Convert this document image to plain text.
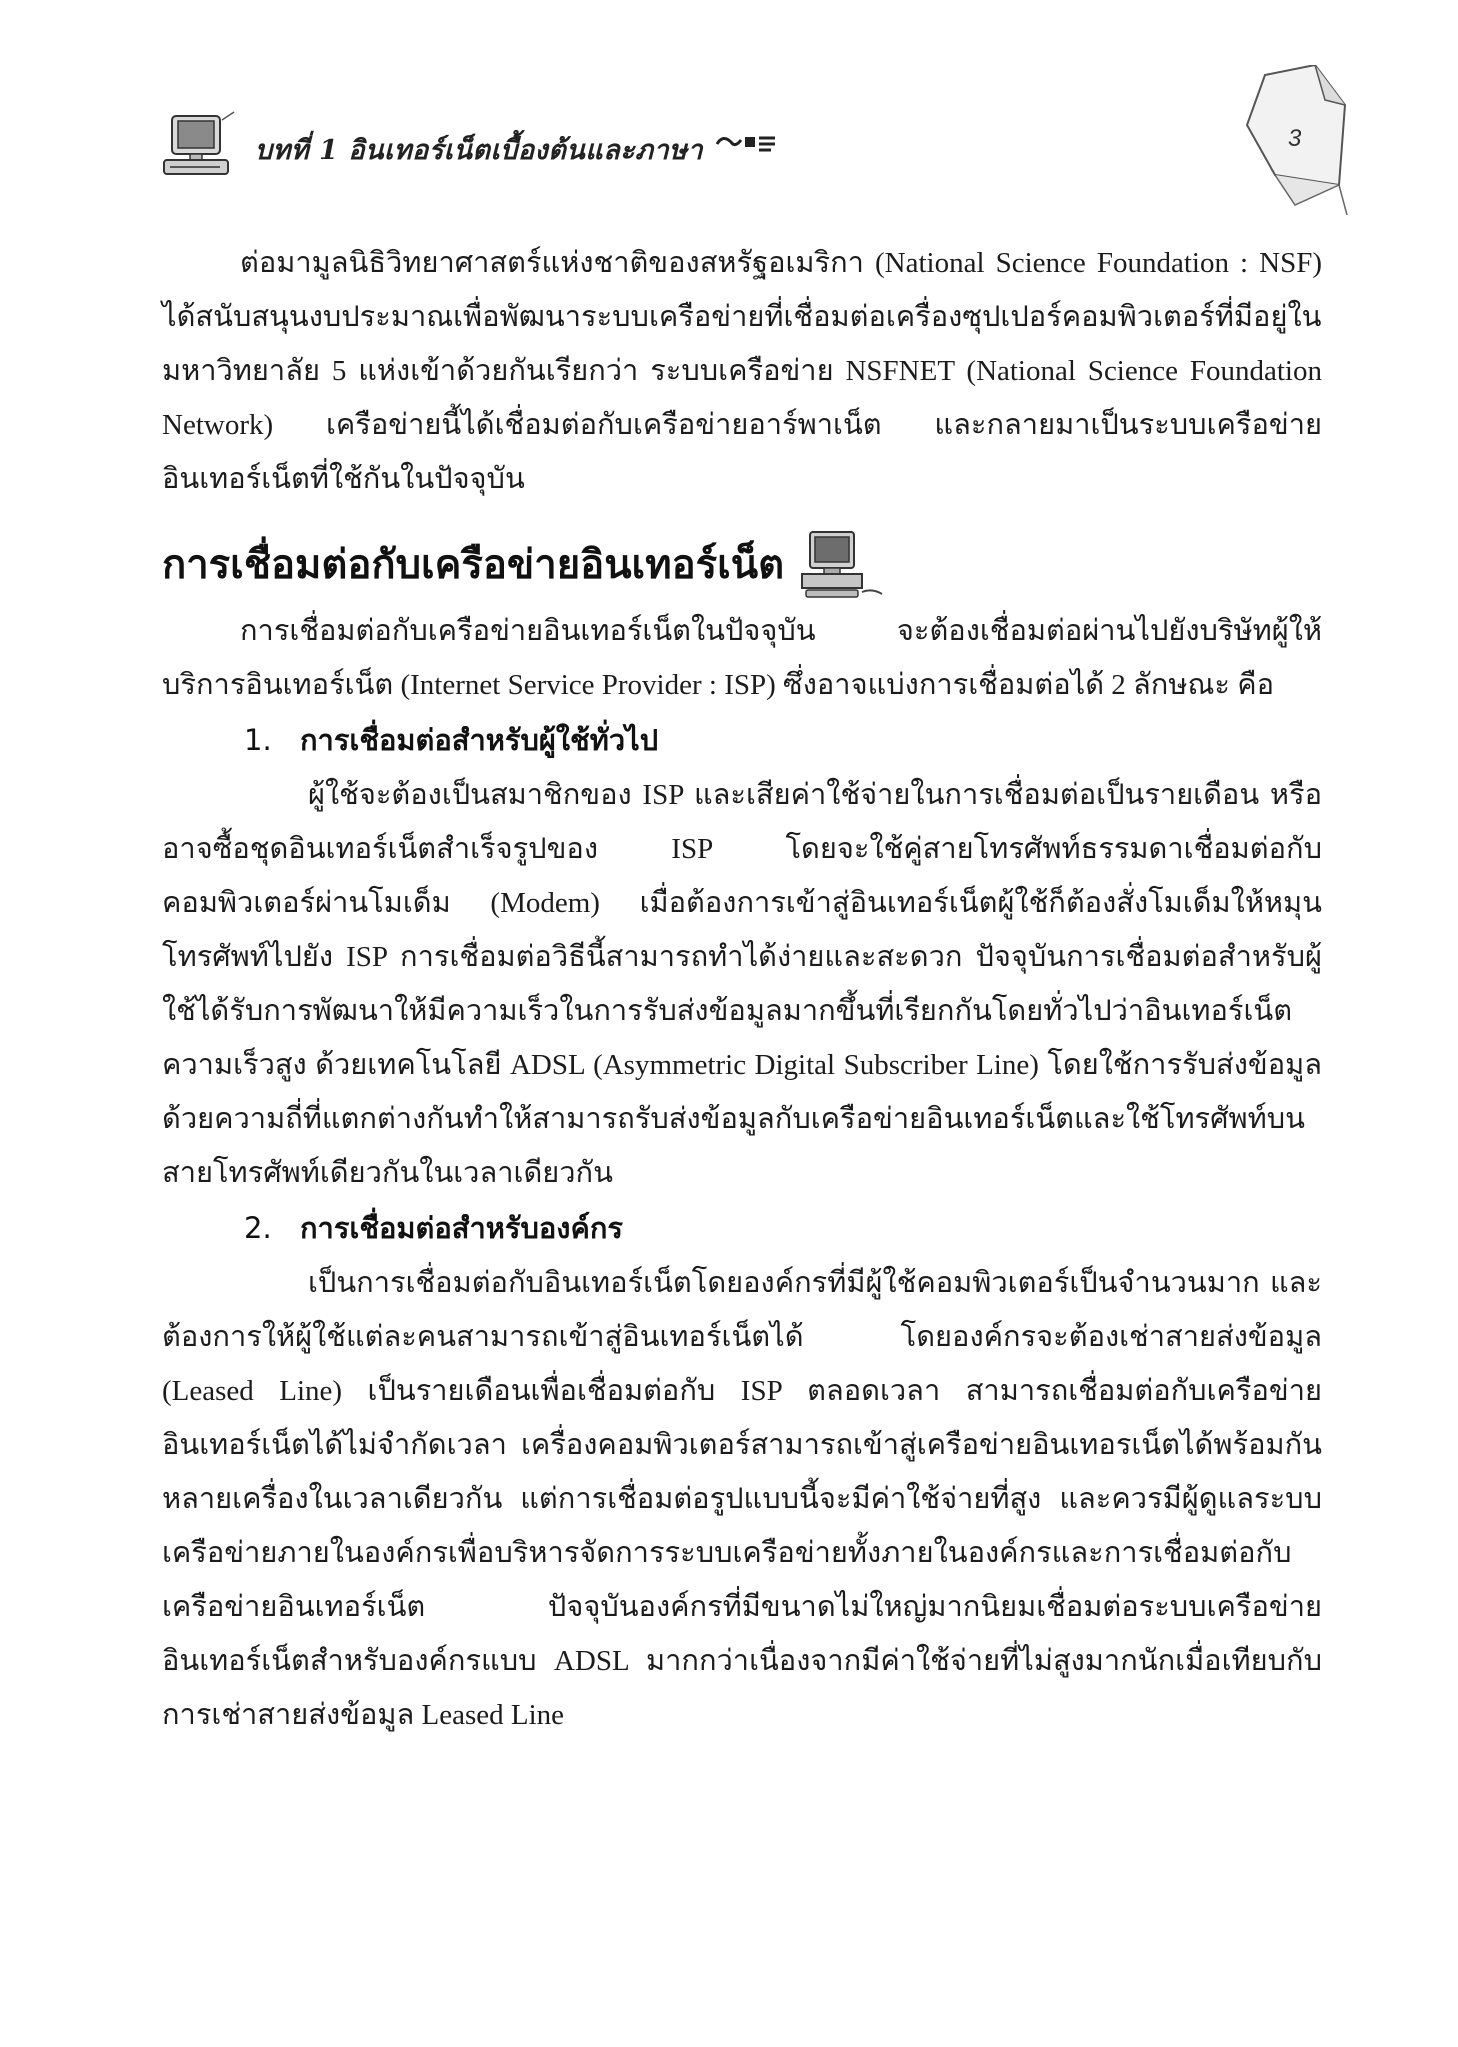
บทที่ 1 อินเทอร์เน็ตเบื้องต้นและภาษา	3

ต่อมามูลนิธิวิทยาศาสตร์แห่งชาติของสหรัฐอเมริกา (National Science Foundation : NSF) ได้สนับสนุนงบประมาณเพื่อพัฒนาระบบเครือข่ายที่เชื่อมต่อเครื่องซุปเปอร์คอมพิวเตอร์ที่มีอยู่ในมหาวิทยาลัย 5 แห่งเข้าด้วยกันเรียกว่า ระบบเครือข่าย NSFNET (National Science Foundation Network) เครือข่ายนี้ได้เชื่อมต่อกับเครือข่ายอาร์พาเน็ต และกลายมาเป็นระบบเครือข่ายอินเทอร์เน็ตที่ใช้กันในปัจจุบัน

การเชื่อมต่อกับเครือข่ายอินเทอร์เน็ต

การเชื่อมต่อกับเครือข่ายอินเทอร์เน็ตในปัจจุบัน จะต้องเชื่อมต่อผ่านไปยังบริษัทผู้ให้บริการอินเทอร์เน็ต (Internet Service Provider : ISP) ซึ่งอาจแบ่งการเชื่อมต่อได้ 2 ลักษณะ คือ

1. การเชื่อมต่อสำหรับผู้ใช้ทั่วไป

ผู้ใช้จะต้องเป็นสมาชิกของ ISP และเสียค่าใช้จ่ายในการเชื่อมต่อเป็นรายเดือน หรืออาจซื้อชุดอินเทอร์เน็ตสำเร็จรูปของ ISP โดยจะใช้คู่สายโทรศัพท์ธรรมดาเชื่อมต่อกับคอมพิวเตอร์ผ่านโมเด็ม (Modem) เมื่อต้องการเข้าสู่อินเทอร์เน็ตผู้ใช้ก็ต้องสั่งโมเด็มให้หมุนโทรศัพท์ไปยัง ISP การเชื่อมต่อวิธีนี้สามารถทำได้ง่ายและสะดวก ปัจจุบันการเชื่อมต่อสำหรับผู้ใช้ได้รับการพัฒนาให้มีความเร็วในการรับส่งข้อมูลมากขึ้นที่เรียกกันโดยทั่วไปว่าอินเทอร์เน็ตความเร็วสูง ด้วยเทคโนโลยี ADSL (Asymmetric Digital Subscriber Line) โดยใช้การรับส่งข้อมูลด้วยความถี่ที่แตกต่างกันทำให้สามารถรับส่งข้อมูลกับเครือข่ายอินเทอร์เน็ตและใช้โทรศัพท์บนสายโทรศัพท์เดียวกันในเวลาเดียวกัน

2. การเชื่อมต่อสำหรับองค์กร

เป็นการเชื่อมต่อกับอินเทอร์เน็ตโดยองค์กรที่มีผู้ใช้คอมพิวเตอร์เป็นจำนวนมาก และต้องการให้ผู้ใช้แต่ละคนสามารถเข้าสู่อินเทอร์เน็ตได้ โดยองค์กรจะต้องเช่าสายส่งข้อมูล (Leased Line) เป็นรายเดือนเพื่อเชื่อมต่อกับ ISP ตลอดเวลา สามารถเชื่อมต่อกับเครือข่ายอินเทอร์เน็ตได้ไม่จำกัดเวลา เครื่องคอมพิวเตอร์สามารถเข้าสู่เครือข่ายอินเทอรเน็ตได้พร้อมกันหลายเครื่องในเวลาเดียวกัน แต่การเชื่อมต่อรูปแบบนี้จะมีค่าใช้จ่ายที่สูง และควรมีผู้ดูแลระบบเครือข่ายภายในองค์กรเพื่อบริหารจัดการระบบเครือข่ายทั้งภายในองค์กรและการเชื่อมต่อกับเครือข่ายอินเทอร์เน็ต ปัจจุบันองค์กรที่มีขนาดไม่ใหญ่มากนิยมเชื่อมต่อระบบเครือข่ายอินเทอร์เน็ตสำหรับองค์กรแบบ ADSL มากกว่าเนื่องจากมีค่าใช้จ่ายที่ไม่สูงมากนักเมื่อเทียบกับการเช่าสายส่งข้อมูล Leased Line
